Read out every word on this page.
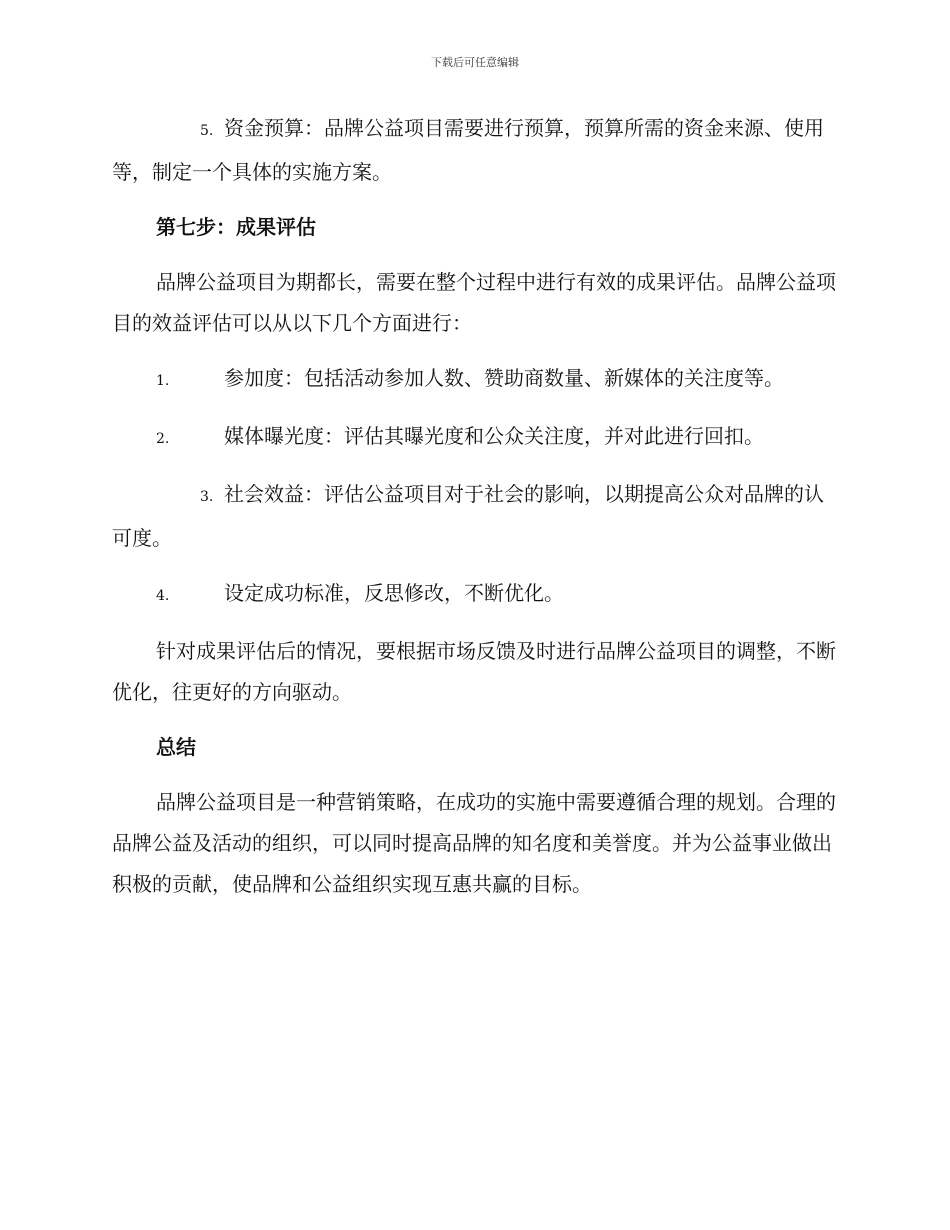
下载后可任意编辑
5. 资金预算：品牌公益项目需要进行预算，预算所需的资金来源、使用等，制定一个具体的实施方案。
第七步：成果评估

品牌公益项目为期都长，需要在整个过程中进行有效的成果评估。品牌公益项目的效益评估可以从以下几个方面进行：

1.	参加度：包括活动参加人数、赞助商数量、新媒体的关注度等。
2.	媒体曝光度：评估其曝光度和公众关注度，并对此进行回扣。
3. 社会效益：评估公益项目对于社会的影响，以期提高公众对品牌的认可度。
4.	设定成功标准，反思修改，不断优化。

针对成果评估后的情况，要根据市场反馈及时进行品牌公益项目的调整，不断优化，往更好的方向驱动。

总结

品牌公益项目是一种营销策略，在成功的实施中需要遵循合理的规划。合理的品牌公益及活动的组织，可以同时提高品牌的知名度和美誉度。并为公益事业做出积极的贡献，使品牌和公益组织实现互惠共赢的目标。
